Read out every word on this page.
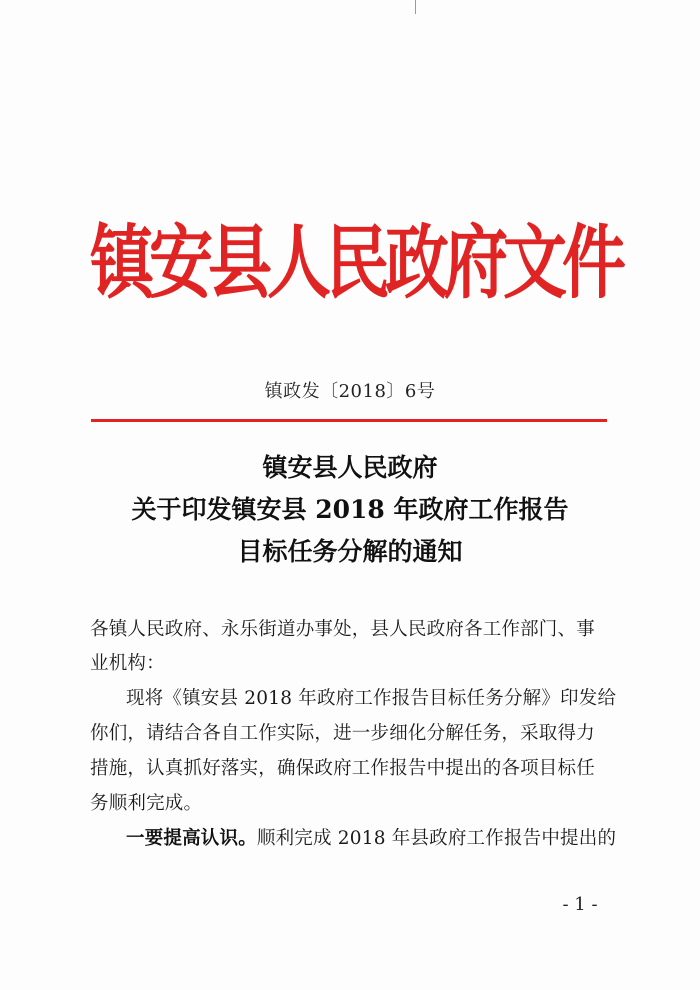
镇安县人民政府文件
镇政发〔2018〕6号
镇安县人民政府
关于印发镇安县 2018 年政府工作报告
目标任务分解的通知
各镇人民政府、永乐街道办事处，县人民政府各工作部门、事
业机构：
现将《镇安县 2018 年政府工作报告目标任务分解》印发给
你们，请结合各自工作实际，进一步细化分解任务，采取得力
措施，认真抓好落实，确保政府工作报告中提出的各项目标任
务顺利完成。
一要提高认识。顺利完成 2018 年县政府工作报告中提出的
- 1 -
